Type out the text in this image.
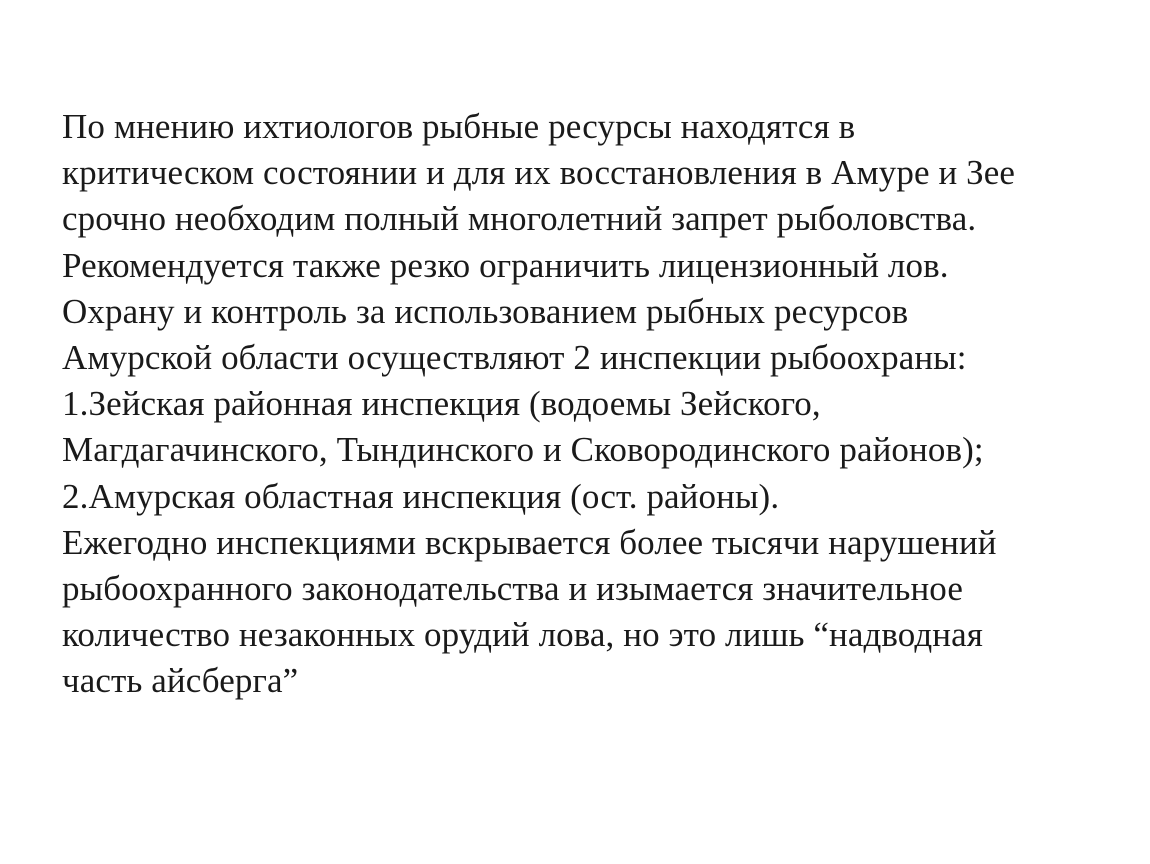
По мнению ихтиологов рыбные ресурсы находятся в
критическом состоянии и для их восстановления в Амуре и Зее
срочно необходим полный многолетний запрет рыболовства.
Рекомендуется также резко ограничить лицензионный лов.
Охрану и контроль за использованием рыбных ресурсов
Амурской области осуществляют 2 инспекции рыбоохраны:
1.Зейская районная инспекция (водоемы Зейского,
Магдагачинского, Тындинского и Сковородинского районов);
2.Амурская областная инспекция (ост. районы).
Ежегодно инспекциями вскрывается более тысячи нарушений
рыбоохранного законодательства и изымается значительное
количество незаконных орудий лова, но это лишь “надводная
часть айсберга”
